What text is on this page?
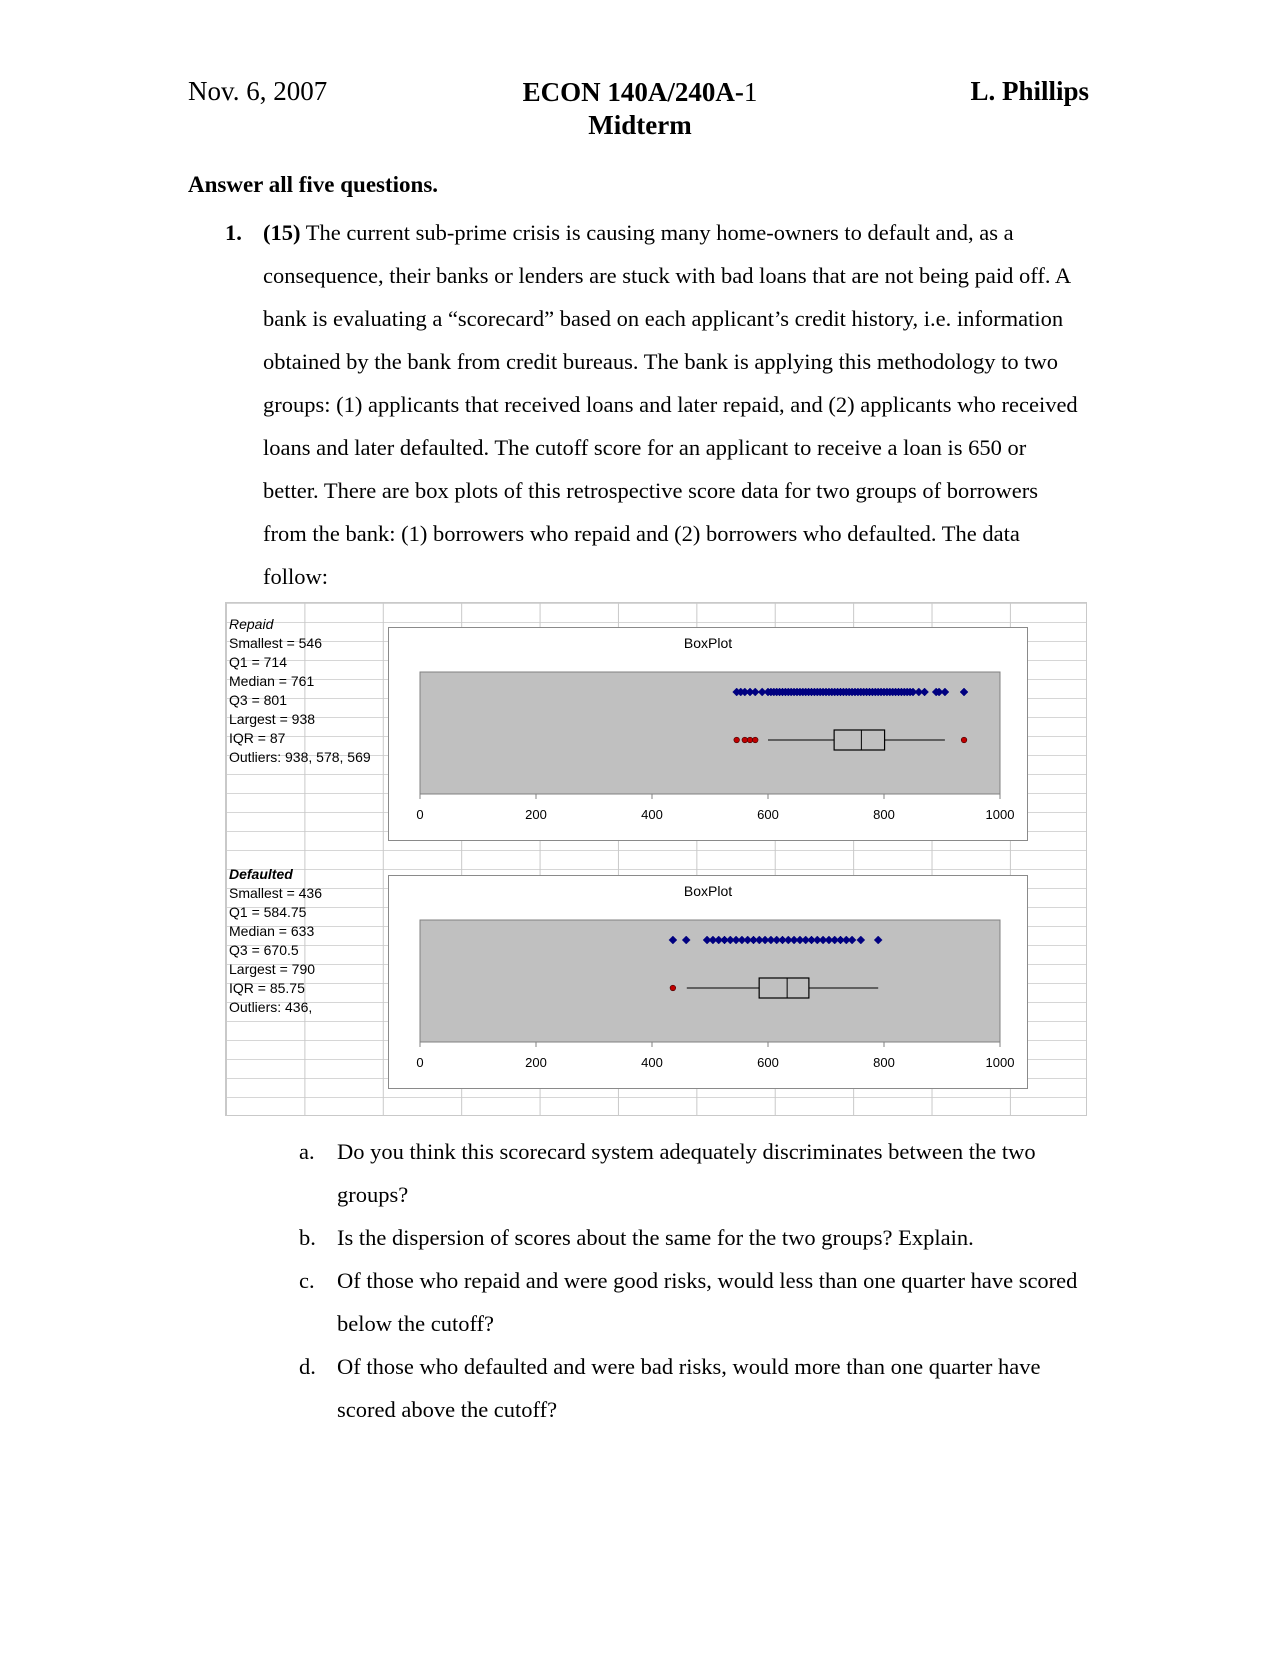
Nov. 6, 2007	ECON 140A/240A-1
Midterm
L. Phillips
Answer all five questions.
1. (15) The current sub-prime crisis is causing many home-owners to default and, as a consequence, their banks or lenders are stuck with bad loans that are not being paid off. A bank is evaluating a “scorecard” based on each applicant’s credit history, i.e. information obtained by the bank from credit bureaus. The bank is applying this methodology to two groups: (1) applicants that received loans and later repaid, and (2) applicants who received loans and later defaulted. The cutoff score for an applicant to receive a loan is 650 or better. There are box plots of this retrospective score data for two groups of borrowers from the bank: (1) borrowers who repaid and (2) borrowers who defaulted. The data follow:
Repaid
Smallest = 546
Q1 = 714
Median = 761
Q3 = 801
Largest = 938
IQR = 87
Outliers: 938, 578, 569
BoxPlot
0	200	400	600	800	1000
Defaulted
Smallest = 436
Q1 = 584.75
Median = 633
Q3 = 670.5
Largest = 790
IQR = 85.75
Outliers: 436,
BoxPlot
0	200	400	600	800	1000
a. Do you think this scorecard system adequately discriminates between the two groups?
b. Is the dispersion of scores about the same for the two groups? Explain.
c. Of those who repaid and were good risks, would less than one quarter have scored below the cutoff?
d. Of those who defaulted and were bad risks, would more than one quarter have scored above the cutoff?
